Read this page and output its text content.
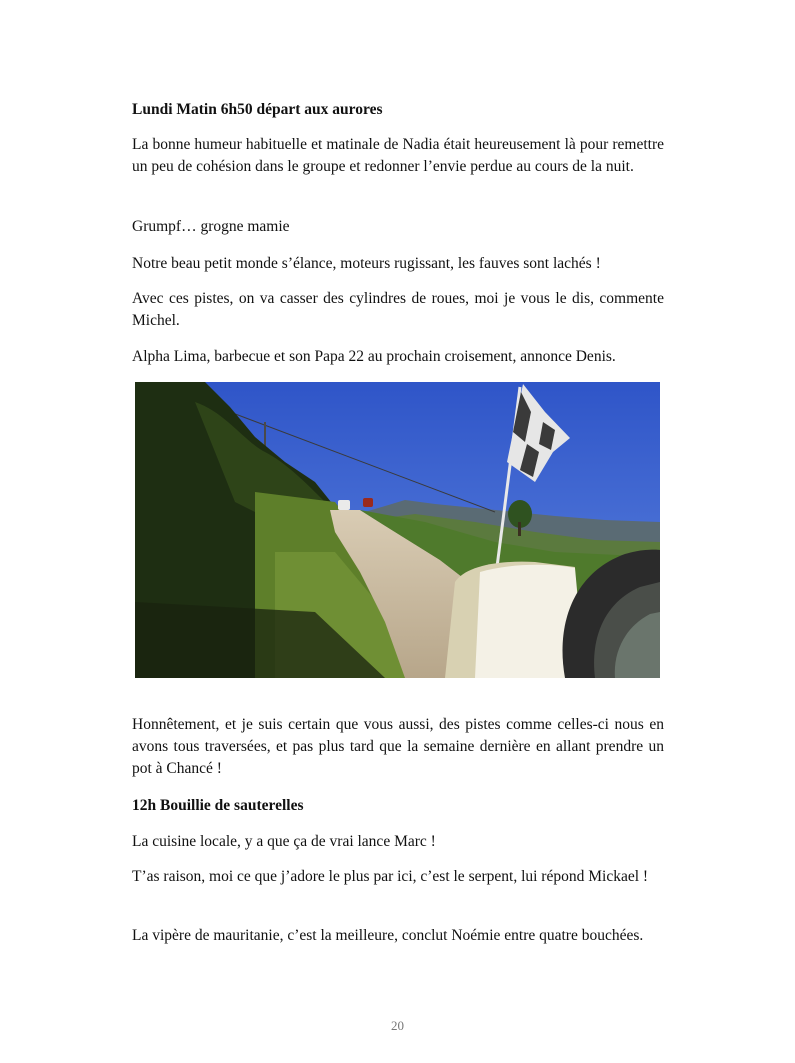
Lundi Matin 6h50 départ aux aurores
La bonne humeur habituelle et matinale de Nadia était heureusement là pour remettre un peu de cohésion dans le groupe et redonner l’envie perdue au cours de la nuit.
Grumpf… grogne mamie
Notre beau petit monde s’élance, moteurs rugissant, les fauves sont lachés !
Avec ces pistes, on va casser des cylindres de roues, moi je vous le dis, commente Michel.
Alpha Lima, barbecue et son Papa 22 au prochain croisement, annonce Denis.
Honnêtement, et je suis certain que vous aussi, des pistes comme celles-ci nous en avons tous traversées, et pas plus tard que la semaine dernière en allant prendre un pot à Chancé !
12h Bouillie de sauterelles
La cuisine locale, y a que ça de vrai lance Marc !
T’as raison, moi ce que j’adore le plus par ici, c’est le serpent, lui répond Mickael !
La vipère de mauritanie, c’est la meilleure, conclut Noémie entre quatre bouchées.
20
